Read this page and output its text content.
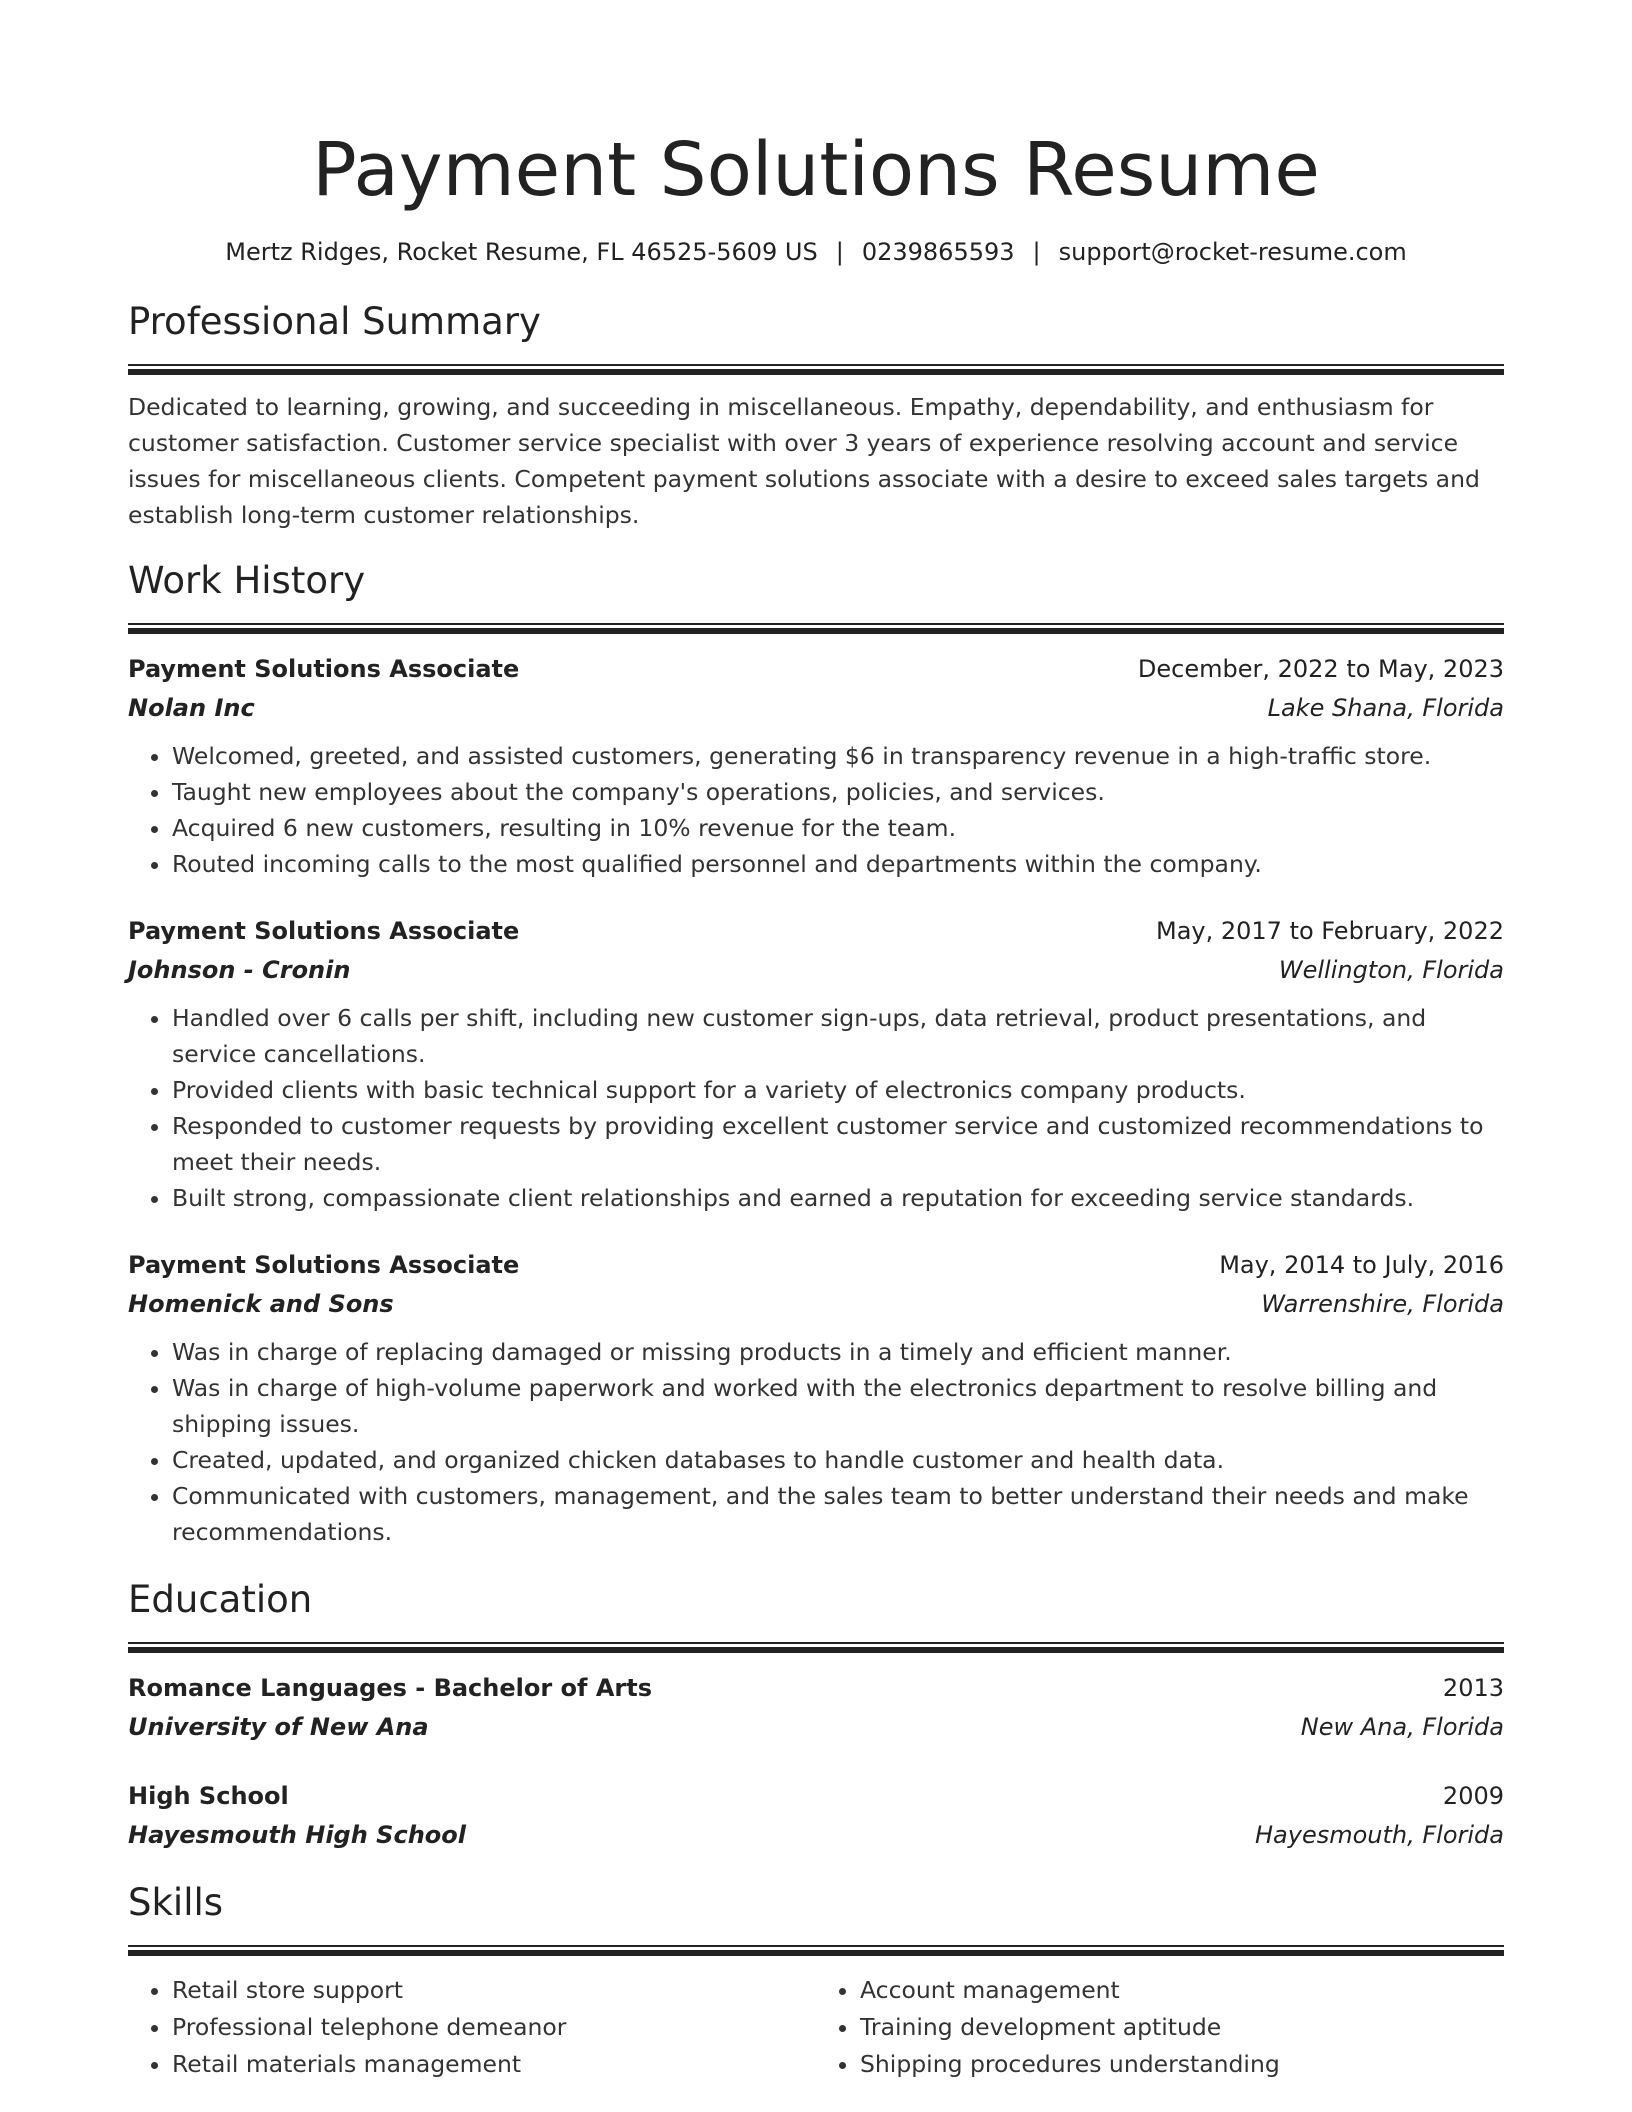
Payment Solutions Resume
Mertz Ridges, Rocket Resume, FL 46525-5609 US | 0239865593 | support@rocket-resume.com
Professional Summary
Dedicated to learning, growing, and succeeding in miscellaneous. Empathy, dependability, and enthusiasm for customer satisfaction. Customer service specialist with over 3 years of experience resolving account and service issues for miscellaneous clients. Competent payment solutions associate with a desire to exceed sales targets and establish long-term customer relationships.
Work History
Payment Solutions Associate	December, 2022 to May, 2023
Nolan Inc	Lake Shana, Florida
• Welcomed, greeted, and assisted customers, generating $6 in transparency revenue in a high-traffic store.
• Taught new employees about the company's operations, policies, and services.
• Acquired 6 new customers, resulting in 10% revenue for the team.
• Routed incoming calls to the most qualified personnel and departments within the company.
Payment Solutions Associate	May, 2017 to February, 2022
Johnson - Cronin	Wellington, Florida
• Handled over 6 calls per shift, including new customer sign-ups, data retrieval, product presentations, and service cancellations.
• Provided clients with basic technical support for a variety of electronics company products.
• Responded to customer requests by providing excellent customer service and customized recommendations to meet their needs.
• Built strong, compassionate client relationships and earned a reputation for exceeding service standards.
Payment Solutions Associate	May, 2014 to July, 2016
Homenick and Sons	Warrenshire, Florida
• Was in charge of replacing damaged or missing products in a timely and efficient manner.
• Was in charge of high-volume paperwork and worked with the electronics department to resolve billing and shipping issues.
• Created, updated, and organized chicken databases to handle customer and health data.
• Communicated with customers, management, and the sales team to better understand their needs and make recommendations.
Education
Romance Languages - Bachelor of Arts	2013
University of New Ana	New Ana, Florida
High School	2009
Hayesmouth High School	Hayesmouth, Florida
Skills
• Retail store support
• Professional telephone demeanor
• Retail materials management
• Account management
• Training development aptitude
• Shipping procedures understanding
